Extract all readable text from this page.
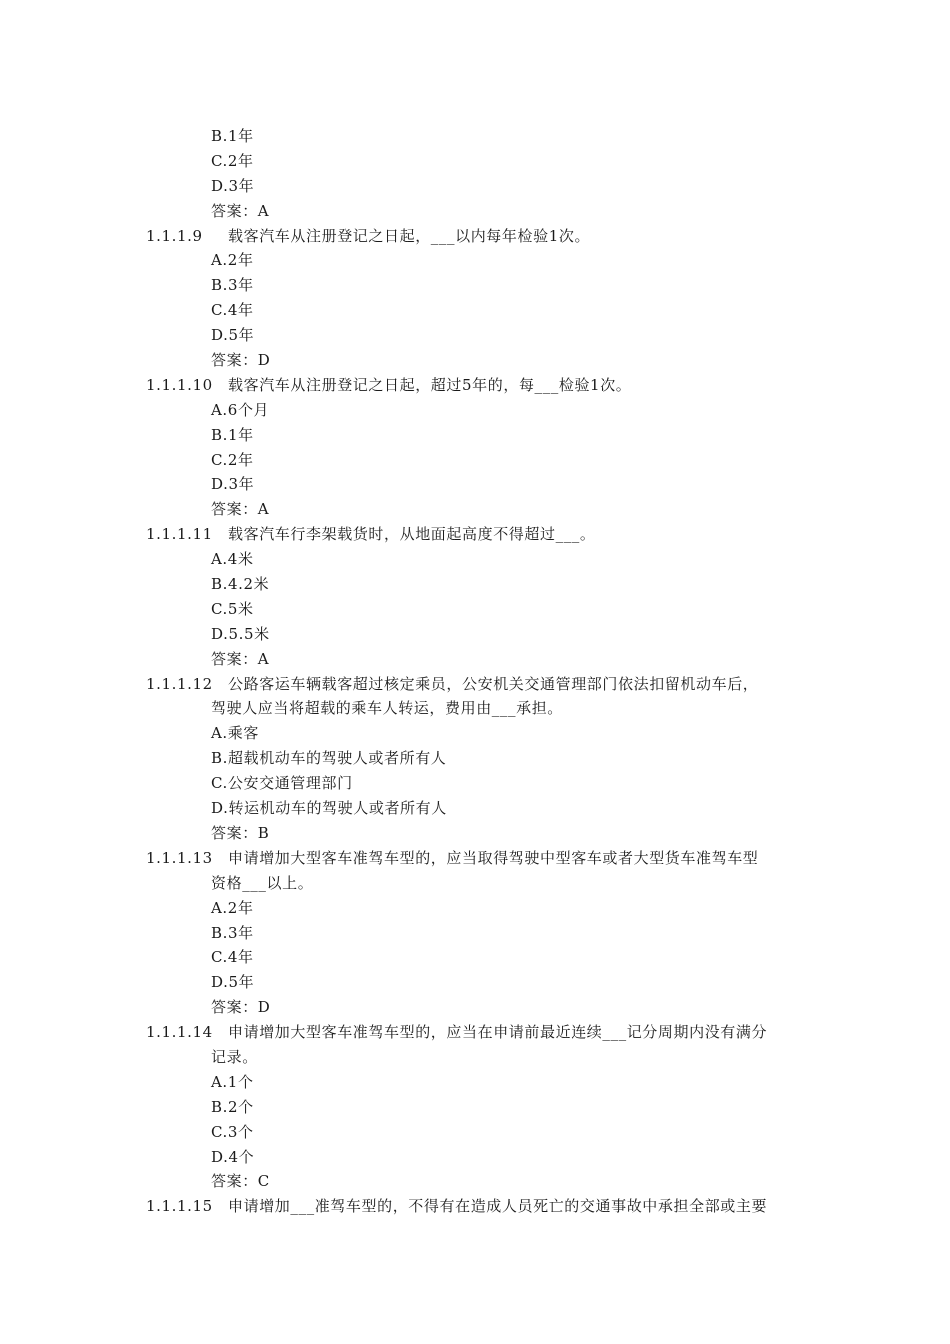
B.1年
C.2年
D.3年
答案：A
1.1.1.9 载客汽车从注册登记之日起，___以内每年检验1次。
A.2年
B.3年
C.4年
D.5年
答案：D
1.1.1.10 载客汽车从注册登记之日起，超过5年的，每___检验1次。
A.6个月
B.1年
C.2年
D.3年
答案：A
1.1.1.11 载客汽车行李架载货时，从地面起高度不得超过___。
A.4米
B.4.2米
C.5米
D.5.5米
答案：A
1.1.1.12 公路客运车辆载客超过核定乘员，公安机关交通管理部门依法扣留机动车后，
驾驶人应当将超载的乘车人转运，费用由___承担。
A.乘客
B.超载机动车的驾驶人或者所有人
C.公安交通管理部门
D.转运机动车的驾驶人或者所有人
答案：B
1.1.1.13 申请增加大型客车准驾车型的，应当取得驾驶中型客车或者大型货车准驾车型
资格___以上。
A.2年
B.3年
C.4年
D.5年
答案：D
1.1.1.14 申请增加大型客车准驾车型的，应当在申请前最近连续___记分周期内没有满分
记录。
A.1个
B.2个
C.3个
D.4个
答案：C
1.1.1.15 申请增加___准驾车型的，不得有在造成人员死亡的交通事故中承担全部或主要
